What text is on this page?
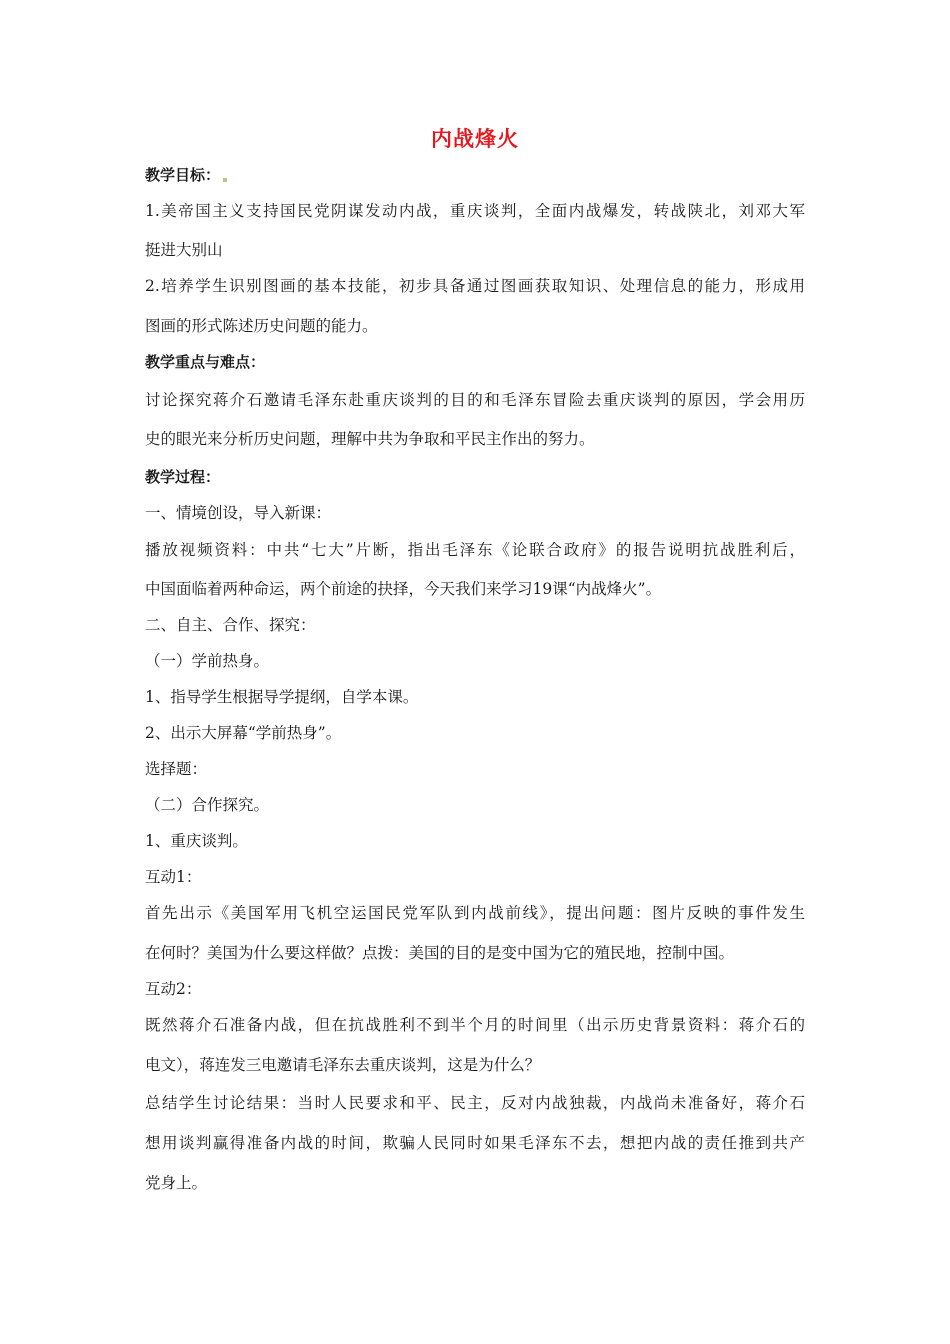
内战烽火
教学目标：
1.美帝国主义支持国民党阴谋发动内战，重庆谈判，全面内战爆发，转战陕北，刘邓大军
挺进大别山
2.培养学生识别图画的基本技能，初步具备通过图画获取知识、处理信息的能力，形成用
图画的形式陈述历史问题的能力。
教学重点与难点：
讨论探究蒋介石邀请毛泽东赴重庆谈判的目的和毛泽东冒险去重庆谈判的原因，学会用历
史的眼光来分析历史问题，理解中共为争取和平民主作出的努力。
教学过程：
一、情境创设，导入新课：
播放视频资料：中共“七大”片断，指出毛泽东《论联合政府》的报告说明抗战胜利后，
中国面临着两种命运，两个前途的抉择，今天我们来学习19课“内战烽火”。
二、自主、合作、探究：
（一）学前热身。
1、指导学生根据导学提纲，自学本课。
2、出示大屏幕“学前热身”。
选择题：
（二）合作探究。
1、重庆谈判。
互动1：
首先出示《美国军用飞机空运国民党军队到内战前线》，提出问题：图片反映的事件发生
在何时？美国为什么要这样做？点拨：美国的目的是变中国为它的殖民地，控制中国。
互动2：
既然蒋介石准备内战，但在抗战胜利不到半个月的时间里（出示历史背景资料：蒋介石的
电文），蒋连发三电邀请毛泽东去重庆谈判，这是为什么？
总结学生讨论结果：当时人民要求和平、民主，反对内战独裁，内战尚未准备好，蒋介石
想用谈判赢得准备内战的时间，欺骗人民同时如果毛泽东不去，想把内战的责任推到共产
党身上。
